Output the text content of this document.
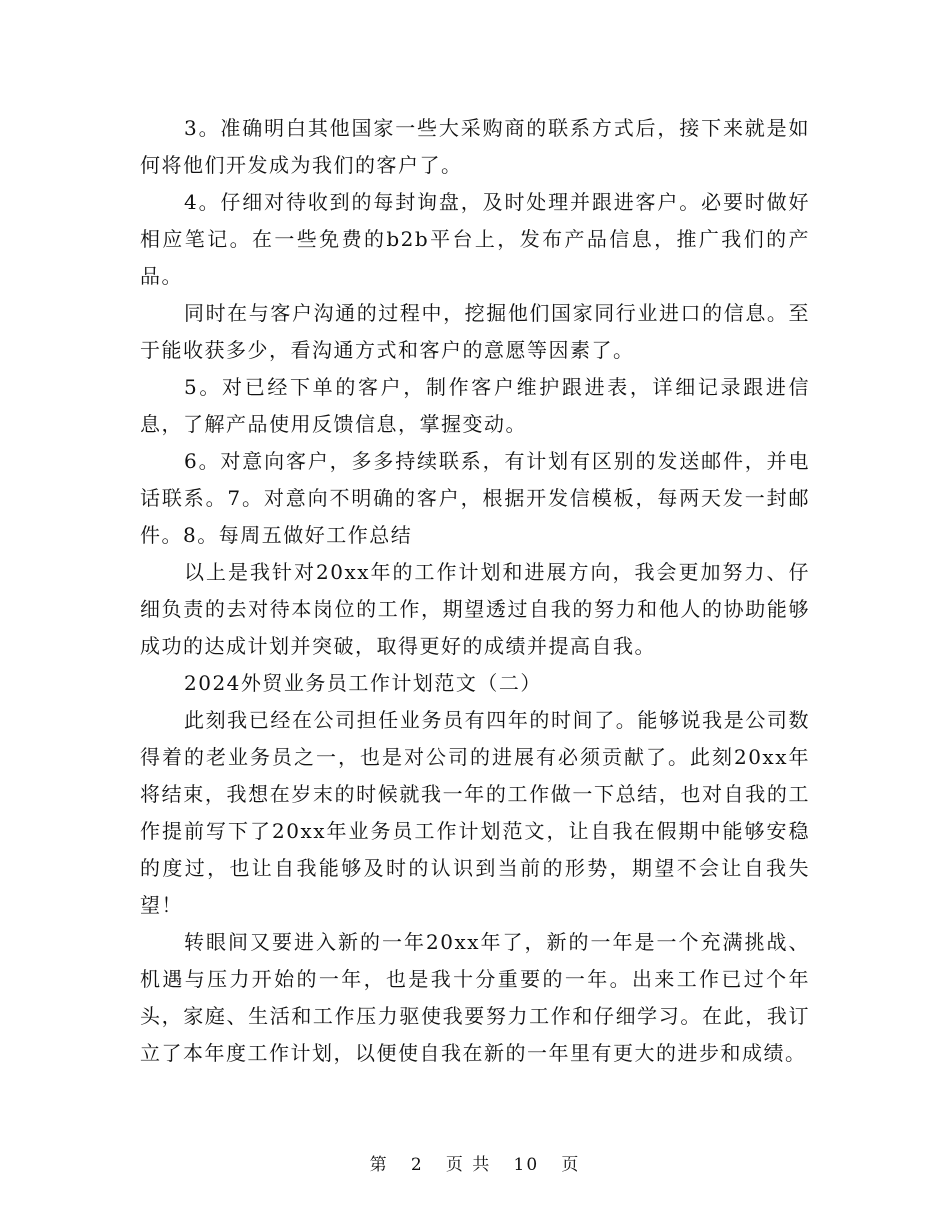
3。准确明白其他国家一些大采购商的联系方式后，接下来就是如何将他们开发成为我们的客户了。

4。仔细对待收到的每封询盘，及时处理并跟进客户。必要时做好相应笔记。在一些免费的b2b平台上，发布产品信息，推广我们的产品。

同时在与客户沟通的过程中，挖掘他们国家同行业进口的信息。至于能收获多少，看沟通方式和客户的意愿等因素了。

5。对已经下单的客户，制作客户维护跟进表，详细记录跟进信息，了解产品使用反馈信息，掌握变动。

6。对意向客户，多多持续联系，有计划有区别的发送邮件，并电话联系。7。对意向不明确的客户，根据开发信模板，每两天发一封邮件。8。每周五做好工作总结

以上是我针对20xx年的工作计划和进展方向，我会更加努力、仔细负责的去对待本岗位的工作，期望透过自我的努力和他人的协助能够成功的达成计划并突破，取得更好的成绩并提高自我。

2024外贸业务员工作计划范文（二）

此刻我已经在公司担任业务员有四年的时间了。能够说我是公司数得着的老业务员之一，也是对公司的进展有必须贡献了。此刻20xx年将结束，我想在岁末的时候就我一年的工作做一下总结，也对自我的工作提前写下了20xx年业务员工作计划范文，让自我在假期中能够安稳的度过，也让自我能够及时的认识到当前的形势，期望不会让自我失望！

转眼间又要进入新的一年20xx年了，新的一年是一个充满挑战、机遇与压力开始的一年，也是我十分重要的一年。出来工作已过个年头，家庭、生活和工作压力驱使我要努力工作和仔细学习。在此，我订立了本年度工作计划，以便使自我在新的一年里有更大的进步和成绩。

第 2 页 共 10 页
